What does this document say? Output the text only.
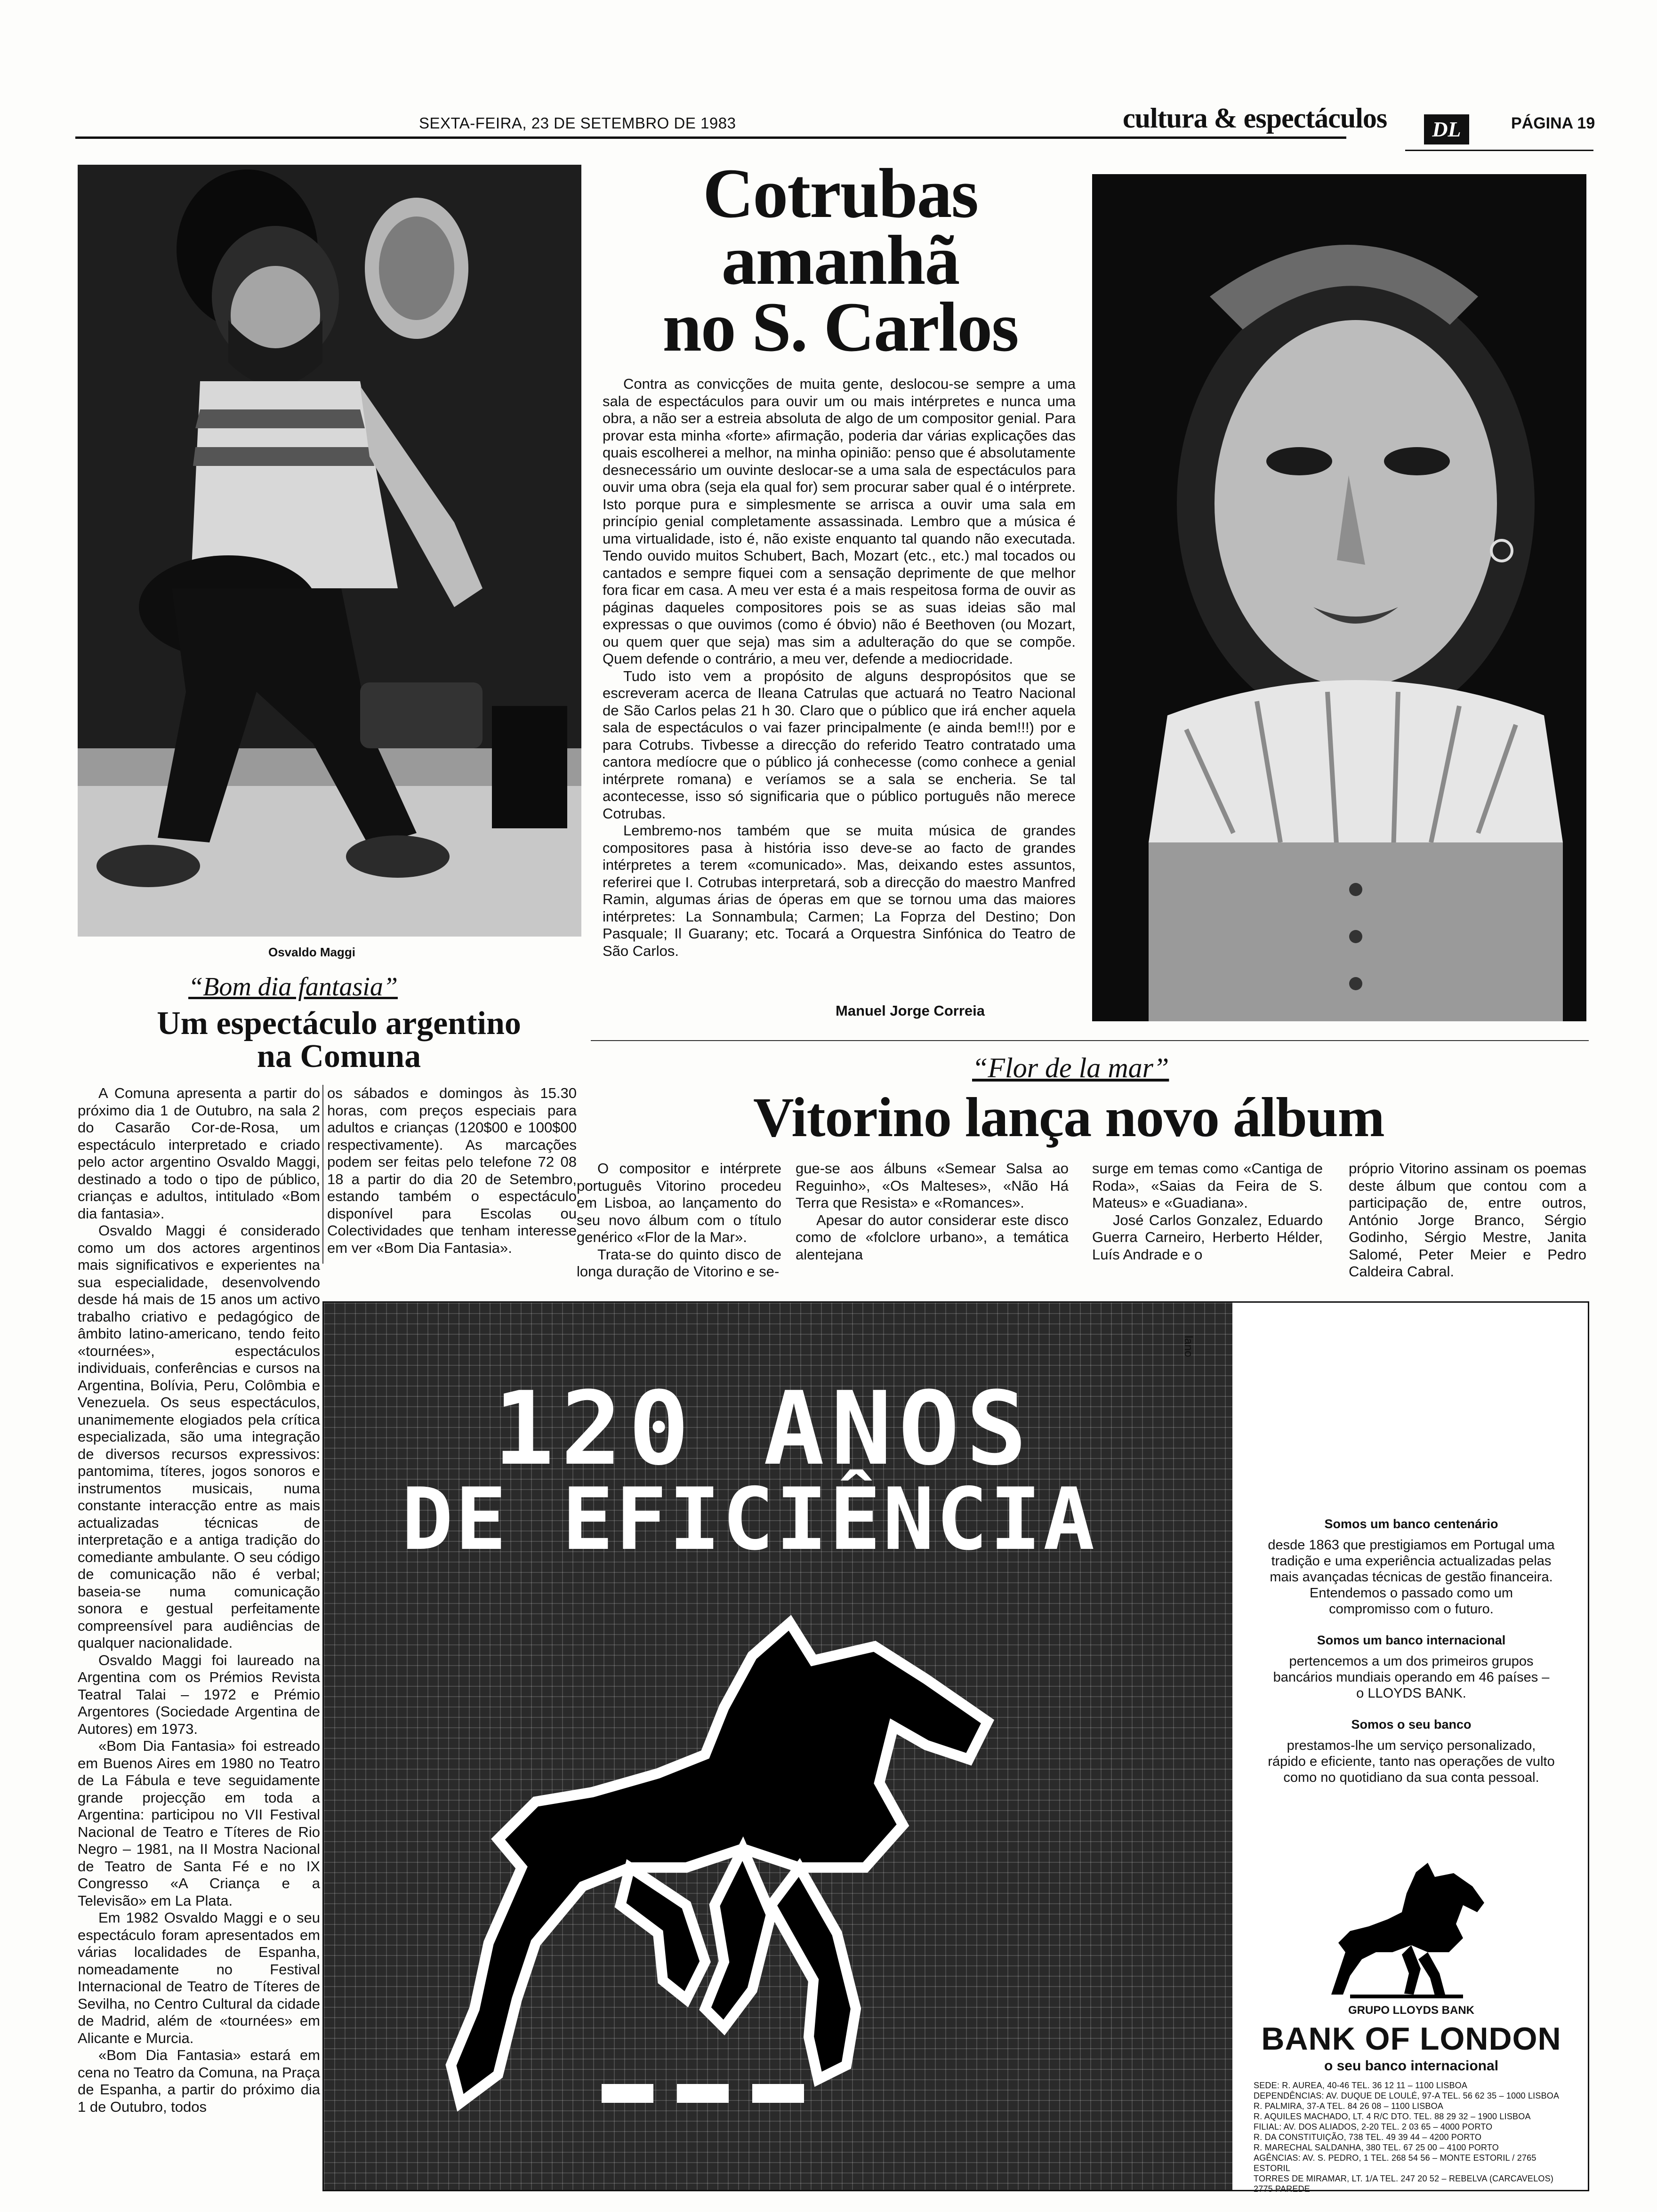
SEXTA-FEIRA, 23 DE SETEMBRO DE 1983	cultura & espectáculos	DL	PÁGINA 19
Osvaldo Maggi
Cotrubas
amanhã
no S. Carlos

Contra as convicções de muita gente, deslocou-se sempre a uma sala de espectáculos para ouvir um ou mais intérpretes e nunca uma obra, a não ser a estreia absoluta de algo de um compositor genial. Para provar esta minha «forte» afirmação, poderia dar várias explicações das quais escolherei a melhor, na minha opinião: penso que é absolutamente desnecessário um ouvinte deslocar-se a uma sala de espectáculos para ouvir uma obra (seja ela qual for) sem procurar saber qual é o intérprete. Isto porque pura e simplesmente se arrisca a ouvir uma sala em princípio genial completamente assassinada. Lembro que a música é uma virtualidade, isto é, não existe enquanto tal quando não executada. Tendo ouvido muitos Schubert, Bach, Mozart (etc., etc.) mal tocados ou cantados e sempre fiquei com a sensação deprimente de que melhor fora ficar em casa. A meu ver esta é a mais respeitosa forma de ouvir as páginas daqueles compositores pois se as suas ideias são mal expressas o que ouvimos (como é óbvio) não é Beethoven (ou Mozart, ou quem quer que seja) mas sim a adulteração do que se compõe. Quem defende o contrário, a meu ver, defende a mediocridade.

Tudo isto vem a propósito de alguns despropósitos que se escreveram acerca de Ileana Catrulas que actuará no Teatro Nacional de São Carlos pelas 21 h 30. Claro que o público que irá encher aquela sala de espectáculos o vai fazer principalmente (e ainda bem!!!) por e para Cotrubs. Tivbesse a direcção do referido Teatro contratado uma cantora medíocre que o público já conhecesse (como conhece a genial intérprete romana) e veríamos se a sala se encheria. Se tal acontecesse, isso só significaria que o público português não merece Cotrubas.

Lembremo-nos também que se muita música de grandes compositores pasa à história isso deve-se ao facto de grandes intérpretes a terem «comunicado». Mas, deixando estes assuntos, referirei que I. Cotrubas interpretará, sob a direcção do maestro Manfred Ramin, algumas árias de óperas em que se tornou uma das maiores intérpretes: La Sonnambula; Carmen; La Foprza del Destino; Don Pasquale; Il Guarany; etc. Tocará a Orquestra Sinfónica do Teatro de São Carlos.

Manuel Jorge Correia
“Bom dia fantasia”
Um espectáculo argentino
na Comuna

A Comuna apresenta a partir do próximo dia 1 de Outubro, na sala 2 do Casarão Cor-de-Rosa, um espectáculo interpretado e criado pelo actor argentino Osvaldo Maggi, destinado a todo o tipo de público, crianças e adultos, intitulado «Bom dia fantasia».

Osvaldo Maggi é considerado como um dos actores argentinos mais significativos e experientes na sua especialidade, desenvolvendo desde há mais de 15 anos um activo trabalho criativo e pedagógico de âmbito latino-americano, tendo feito «tournées», espectáculos individuais, conferências e cursos na Argentina, Bolívia, Peru, Colômbia e Venezuela. Os seus espectáculos, unanimemente elogiados pela crítica especializada, são uma integração de diversos recursos expressivos: pantomima, títeres, jogos sonoros e instrumentos musicais, numa constante interacção entre as mais actualizadas técnicas de interpretação e a antiga tradição do comediante ambulante. O seu código de comunicação não é verbal; baseia-se numa comunicação sonora e gestual perfeitamente compreensível para audiências de qualquer nacionalidade.

Osvaldo Maggi foi laureado na Argentina com os Prémios Revista Teatral Talai – 1972 e Prémio Argentores (Sociedade Argentina de Autores) em 1973.

«Bom Dia Fantasia» foi estreado em Buenos Aires em 1980 no Teatro de La Fábula e teve seguidamente grande projecção em toda a Argentina: participou no VII Festival Nacional de Teatro e Títeres de Rio Negro – 1981, na II Mostra Nacional de Teatro de Santa Fé e no IX Congresso «A Criança e a Televisão» em La Plata.

Em 1982 Osvaldo Maggi e o seu espectáculo foram apresentados em várias localidades de Espanha, nomeadamente no Festival Internacional de Teatro de Títeres de Sevilha, no Centro Cultural da cidade de Madrid, além de «tournées» em Alicante e Murcia.

«Bom Dia Fantasia» estará em cena no Teatro da Comuna, na Praça de Espanha, a partir do próximo dia 1 de Outubro, todos

os sábados e domingos às 15.30 horas, com preços especiais para adultos e crianças (120$00 e 100$00 respectivamente). As marcações podem ser feitas pelo telefone 72 08 18 a partir do dia 20 de Setembro, estando também o espectáculo disponível para Escolas ou Colectividades que tenham interesse em ver «Bom Dia Fantasia».

“Flor de la mar”
Vitorino lança novo álbum

O compositor e intérprete português Vitorino procedeu em Lisboa, ao lançamento do seu novo álbum com o título genérico «Flor de la Mar».

Trata-se do quinto disco de longa duração de Vitorino e se-

gue-se aos álbuns «Semear Salsa ao Reguinho», «Os Malteses», «Não Há Terra que Resista» e «Romances».

Apesar do autor considerar este disco como de «folclore urbano», a temática alentejana

surge em temas como «Cantiga de Roda», «Saias da Feira de S. Mateus» e «Guadiana».

José Carlos Gonzalez, Eduardo Guerra Carneiro, Herberto Hélder, Luís Andrade e o

próprio Vitorino assinam os poemas deste álbum que contou com a participação de, entre outros, António Jorge Branco, Sérgio Godinho, Sérgio Mestre, Janita Salomé, Peter Meier e Pedro Caldeira Cabral.

120 ANOS
DE EFICIÊNCIA
lano
Somos um banco centenário
desde 1863 que prestigiamos em Portugal uma tradição e uma experiência actualizadas pelas mais avançadas técnicas de gestão financeira. Entendemos o passado como um compromisso com o futuro.
Somos um banco internacional
pertencemos a um dos primeiros grupos bancários mundiais operando em 46 países – o LLOYDS BANK.
Somos o seu banco
prestamos-lhe um serviço personalizado, rápido e eficiente, tanto nas operações de vulto como no quotidiano da sua conta pessoal.
GRUPO LLOYDS BANK
BANK OF LONDON
o seu banco internacional

SEDE: R. AUREA, 40-46 TEL. 36 12 11 – 1100 LISBOA

DEPENDÊNCIAS: AV. DUQUE DE LOULÉ, 97-A TEL. 56 62 35 – 1000 LISBOA

R. PALMIRA, 37-A TEL. 84 26 08 – 1100 LISBOA

R. AQUILES MACHADO, LT. 4 R/C DTO. TEL. 88 29 32 – 1900 LISBOA

FILIAL: AV. DOS ALIADOS, 2-20 TEL. 2 03 65 – 4000 PORTO

R. DA CONSTITUIÇÃO, 738 TEL. 49 39 44 – 4200 PORTO

R. MARECHAL SALDANHA, 380 TEL. 67 25 00 – 4100 PORTO

AGÊNCIAS: AV. S. PEDRO, 1 TEL. 268 54 56 – MONTE ESTORIL / 2765 ESTORIL

TORRES DE MIRAMAR, LT. 1/A TEL. 247 20 52 – REBELVA (CARCAVELOS) 2775 PAREDE
